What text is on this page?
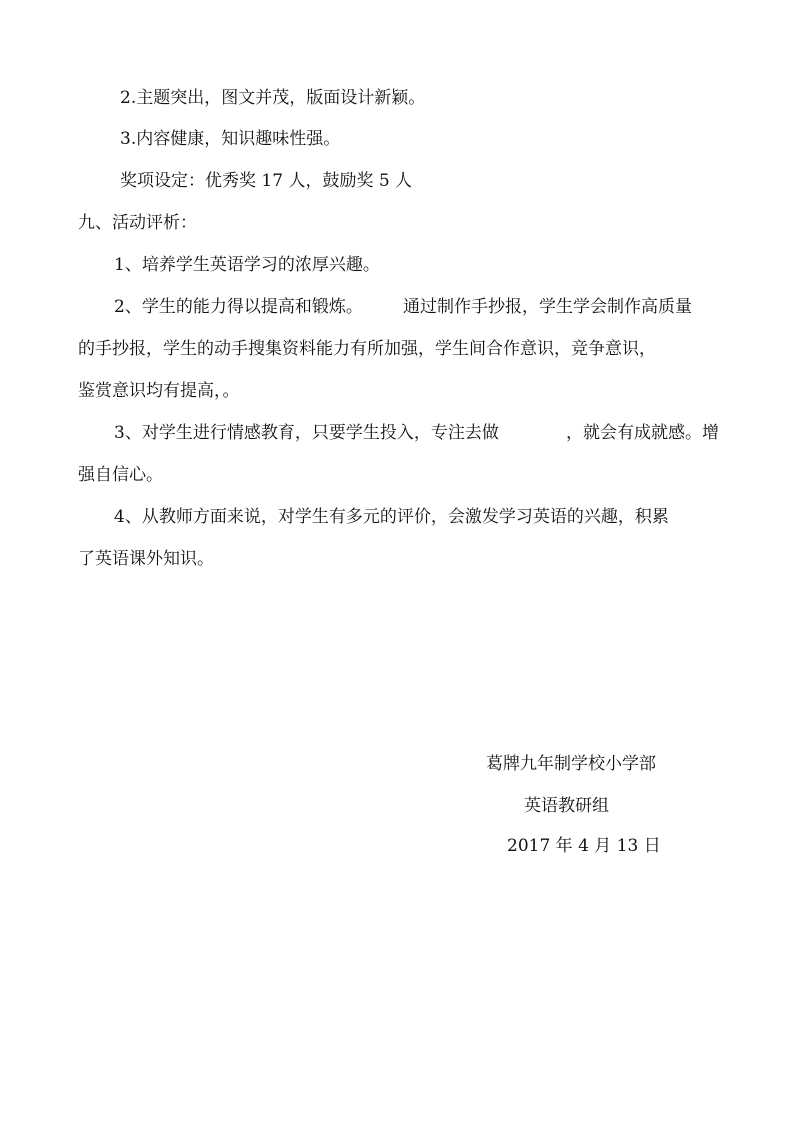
2.主题突出，图文并茂，版面设计新颖。
3.内容健康，知识趣味性强。
奖项设定：优秀奖 17 人，鼓励奖 5 人
九、活动评析：
1、培养学生英语学习的浓厚兴趣。
2、学生的能力得以提高和锻炼。 通过制作手抄报，学生学会制作高质量
的手抄报，学生的动手搜集资料能力有所加强，学生间合作意识，竞争意识，
鉴赏意识均有提高，。
3、对学生进行情感教育，只要学生投入，专注去做	，就会有成就感。增
强自信心。
4、从教师方面来说，对学生有多元的评价，会激发学习英语的兴趣，积累
了英语课外知识。
葛牌九年制学校小学部
英语教研组
2017 年 4 月 13 日
